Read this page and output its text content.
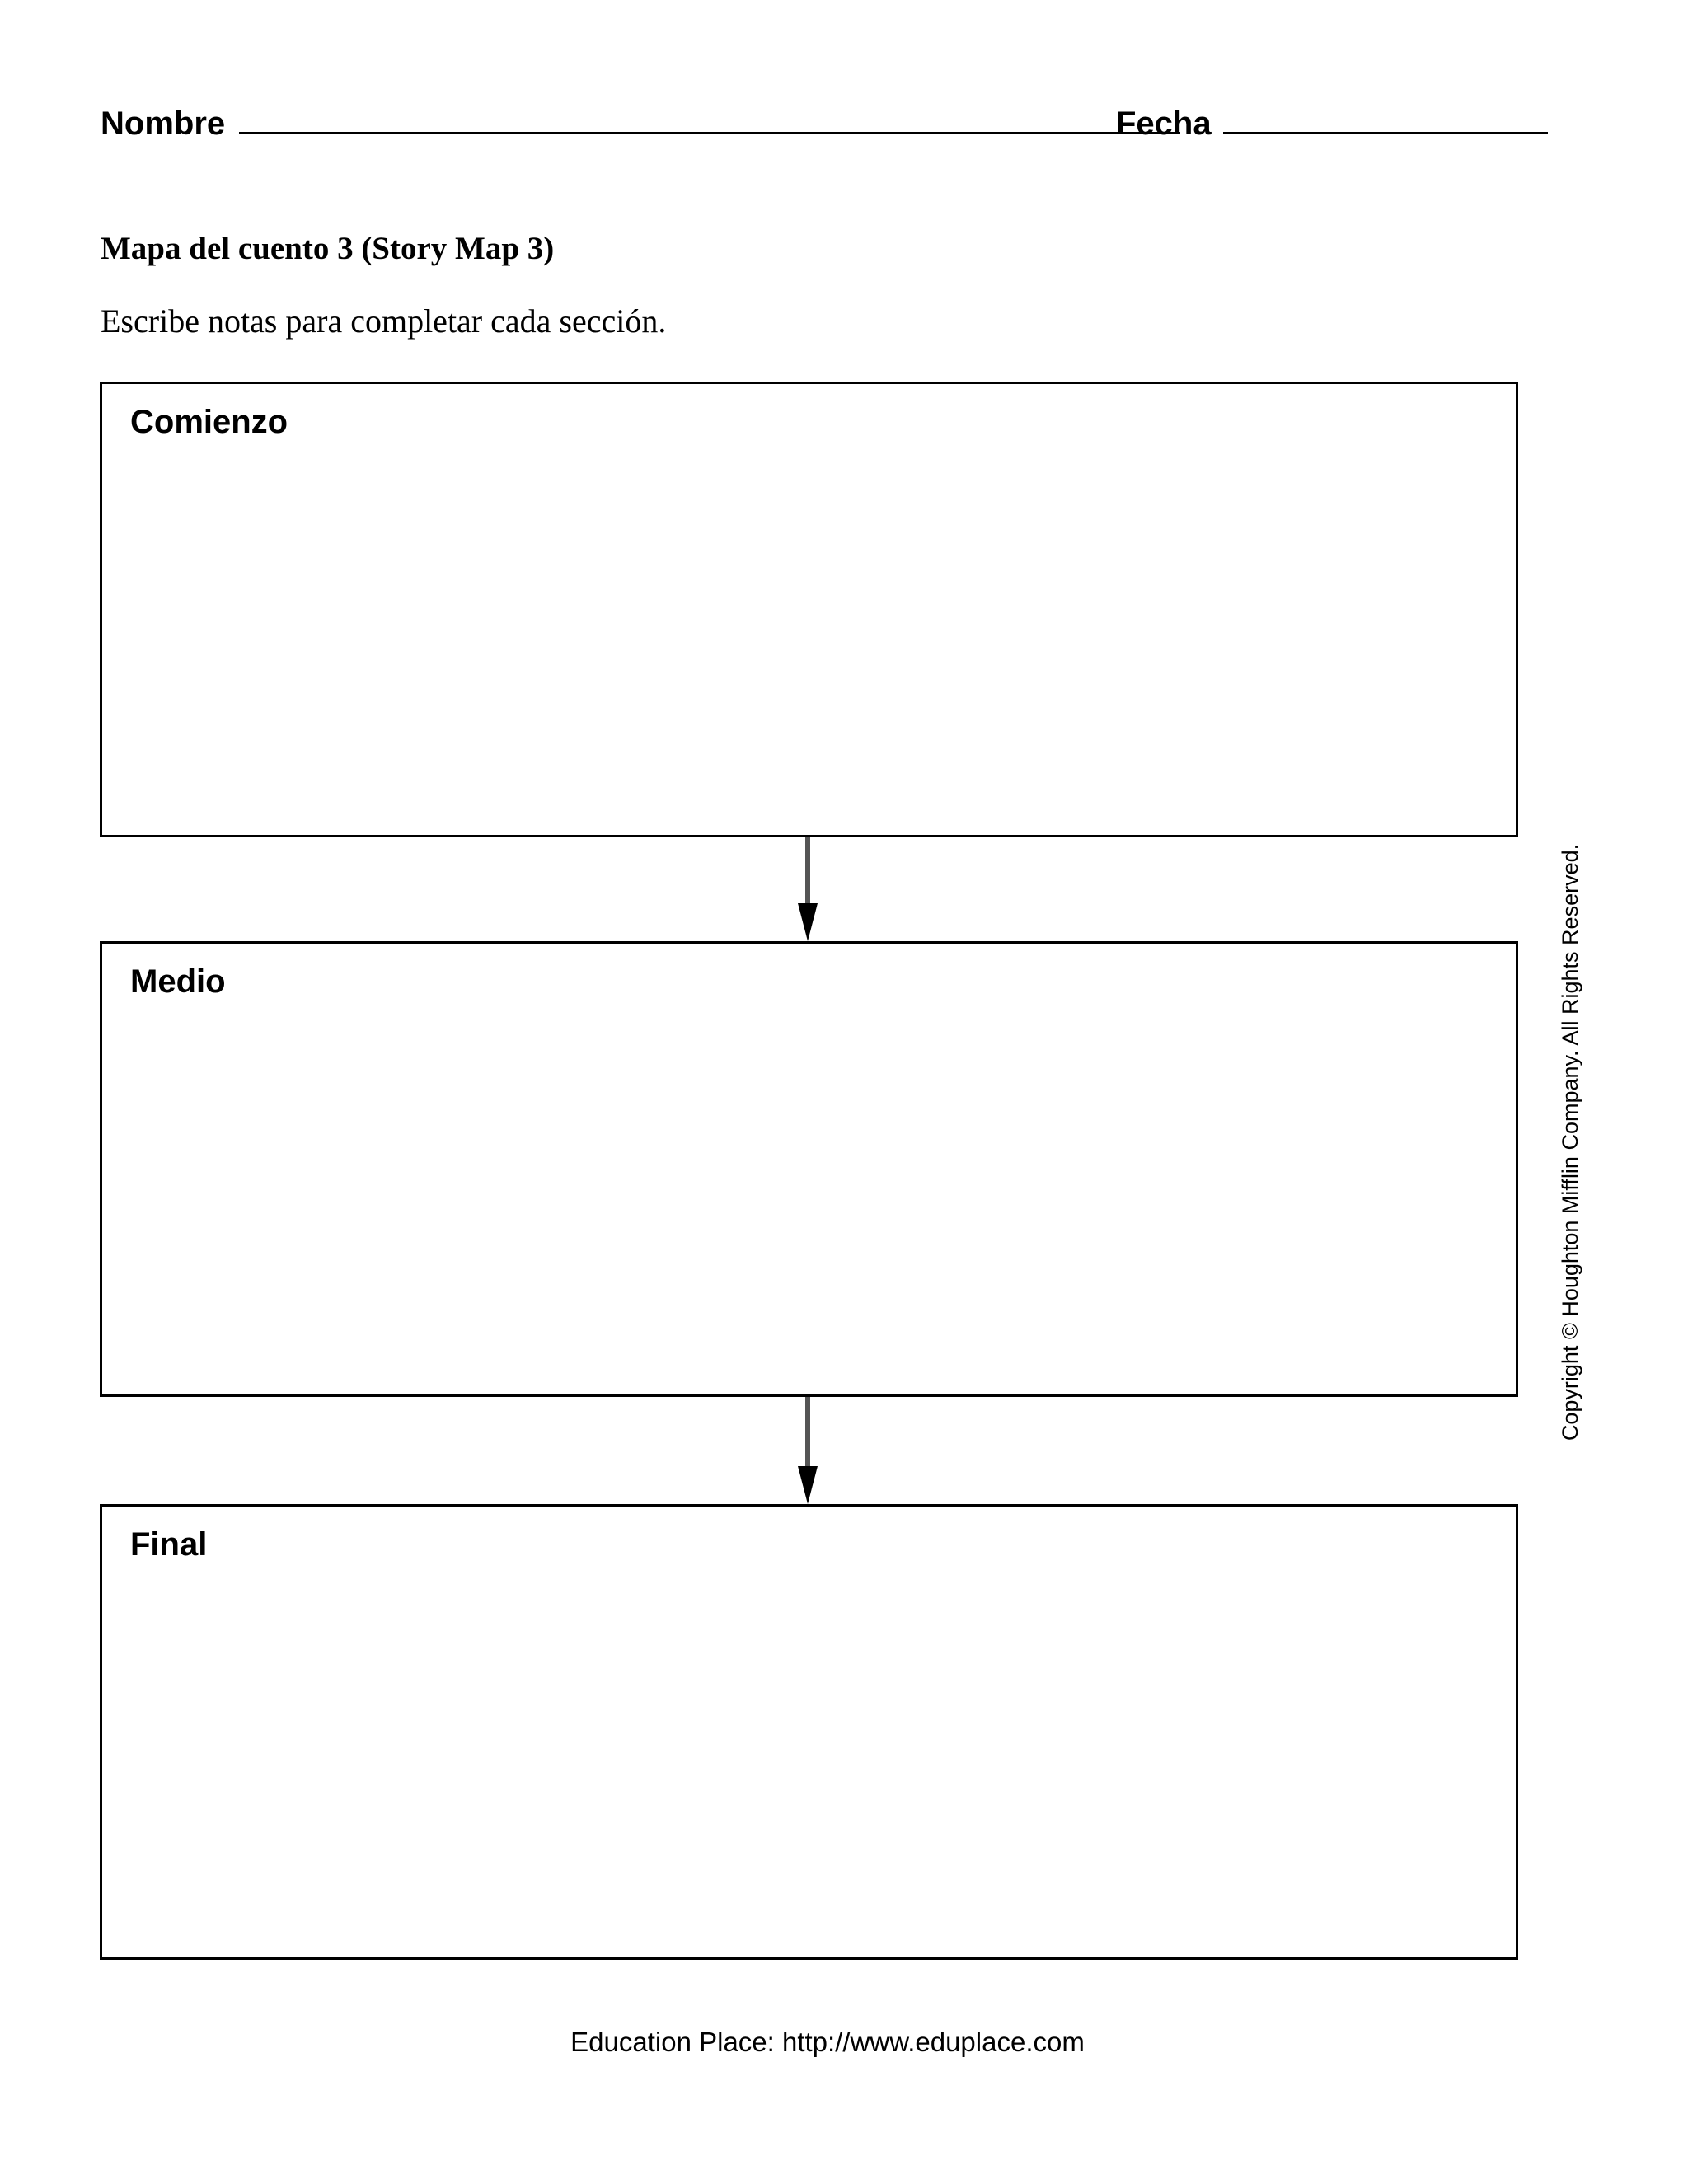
Nombre	Fecha
Mapa del cuento 3 (Story Map 3)
Escribe notas para completar cada sección.
Comienzo
Medio
Final
Copyright © Houghton Mifflin Company. All Rights Reserved.
Education Place: http://www.eduplace.com
